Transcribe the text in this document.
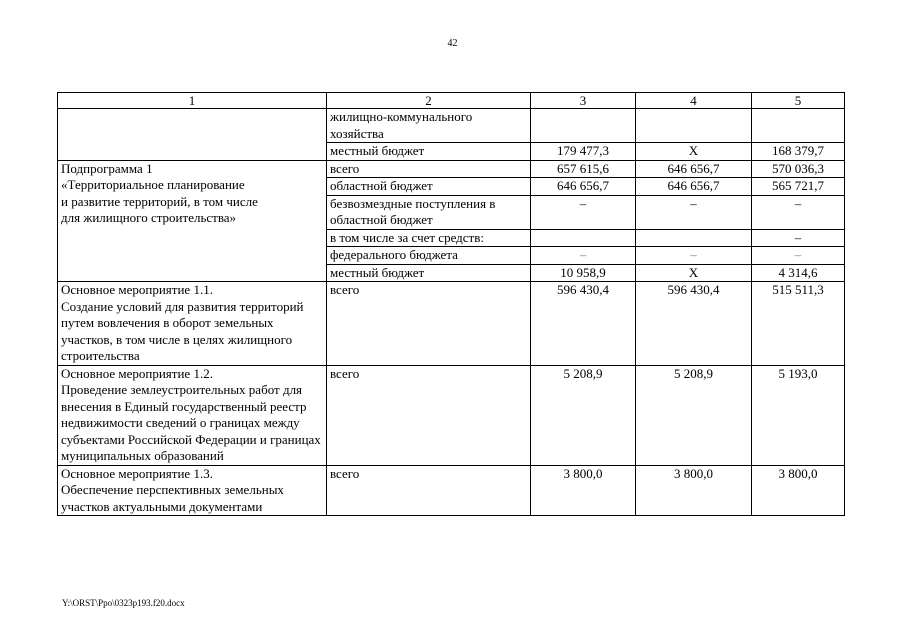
42
1	2	3	4	5
	жилищно-коммунального хозяйства			
	местный бюджет	179 477,3	X	168 379,7
Подпрограмма 1
«Территориальное планирование
и развитие территорий, в том числе
для жилищного строительства»	всего	657 615,6	646 656,7	570 036,3
	областной бюджет	646 656,7	646 656,7	565 721,7
	безвозмездные поступления в областной бюджет	–	–	–
	в том числе за счет средств:			–
	федерального бюджета	–	–	–
	местный бюджет	10 958,9	X	4 314,6
Основное мероприятие 1.1.
Создание условий для развития территорий путем вовлечения в оборот земельных участков, в том числе в целях жилищного строительства	всего	596 430,4	596 430,4	515 511,3
Основное мероприятие 1.2.
Проведение землеустроительных работ для внесения в Единый государственный реестр недвижимости сведений о границах между субъектами Российской Федерации и границах муниципальных образований	всего	5 208,9	5 208,9	5 193,0
Основное мероприятие 1.3.
Обеспечение перспективных земельных участков актуальными документами	всего	3 800,0	3 800,0	3 800,0
Y:\ORST\Ppo\0323p193.f20.docx
